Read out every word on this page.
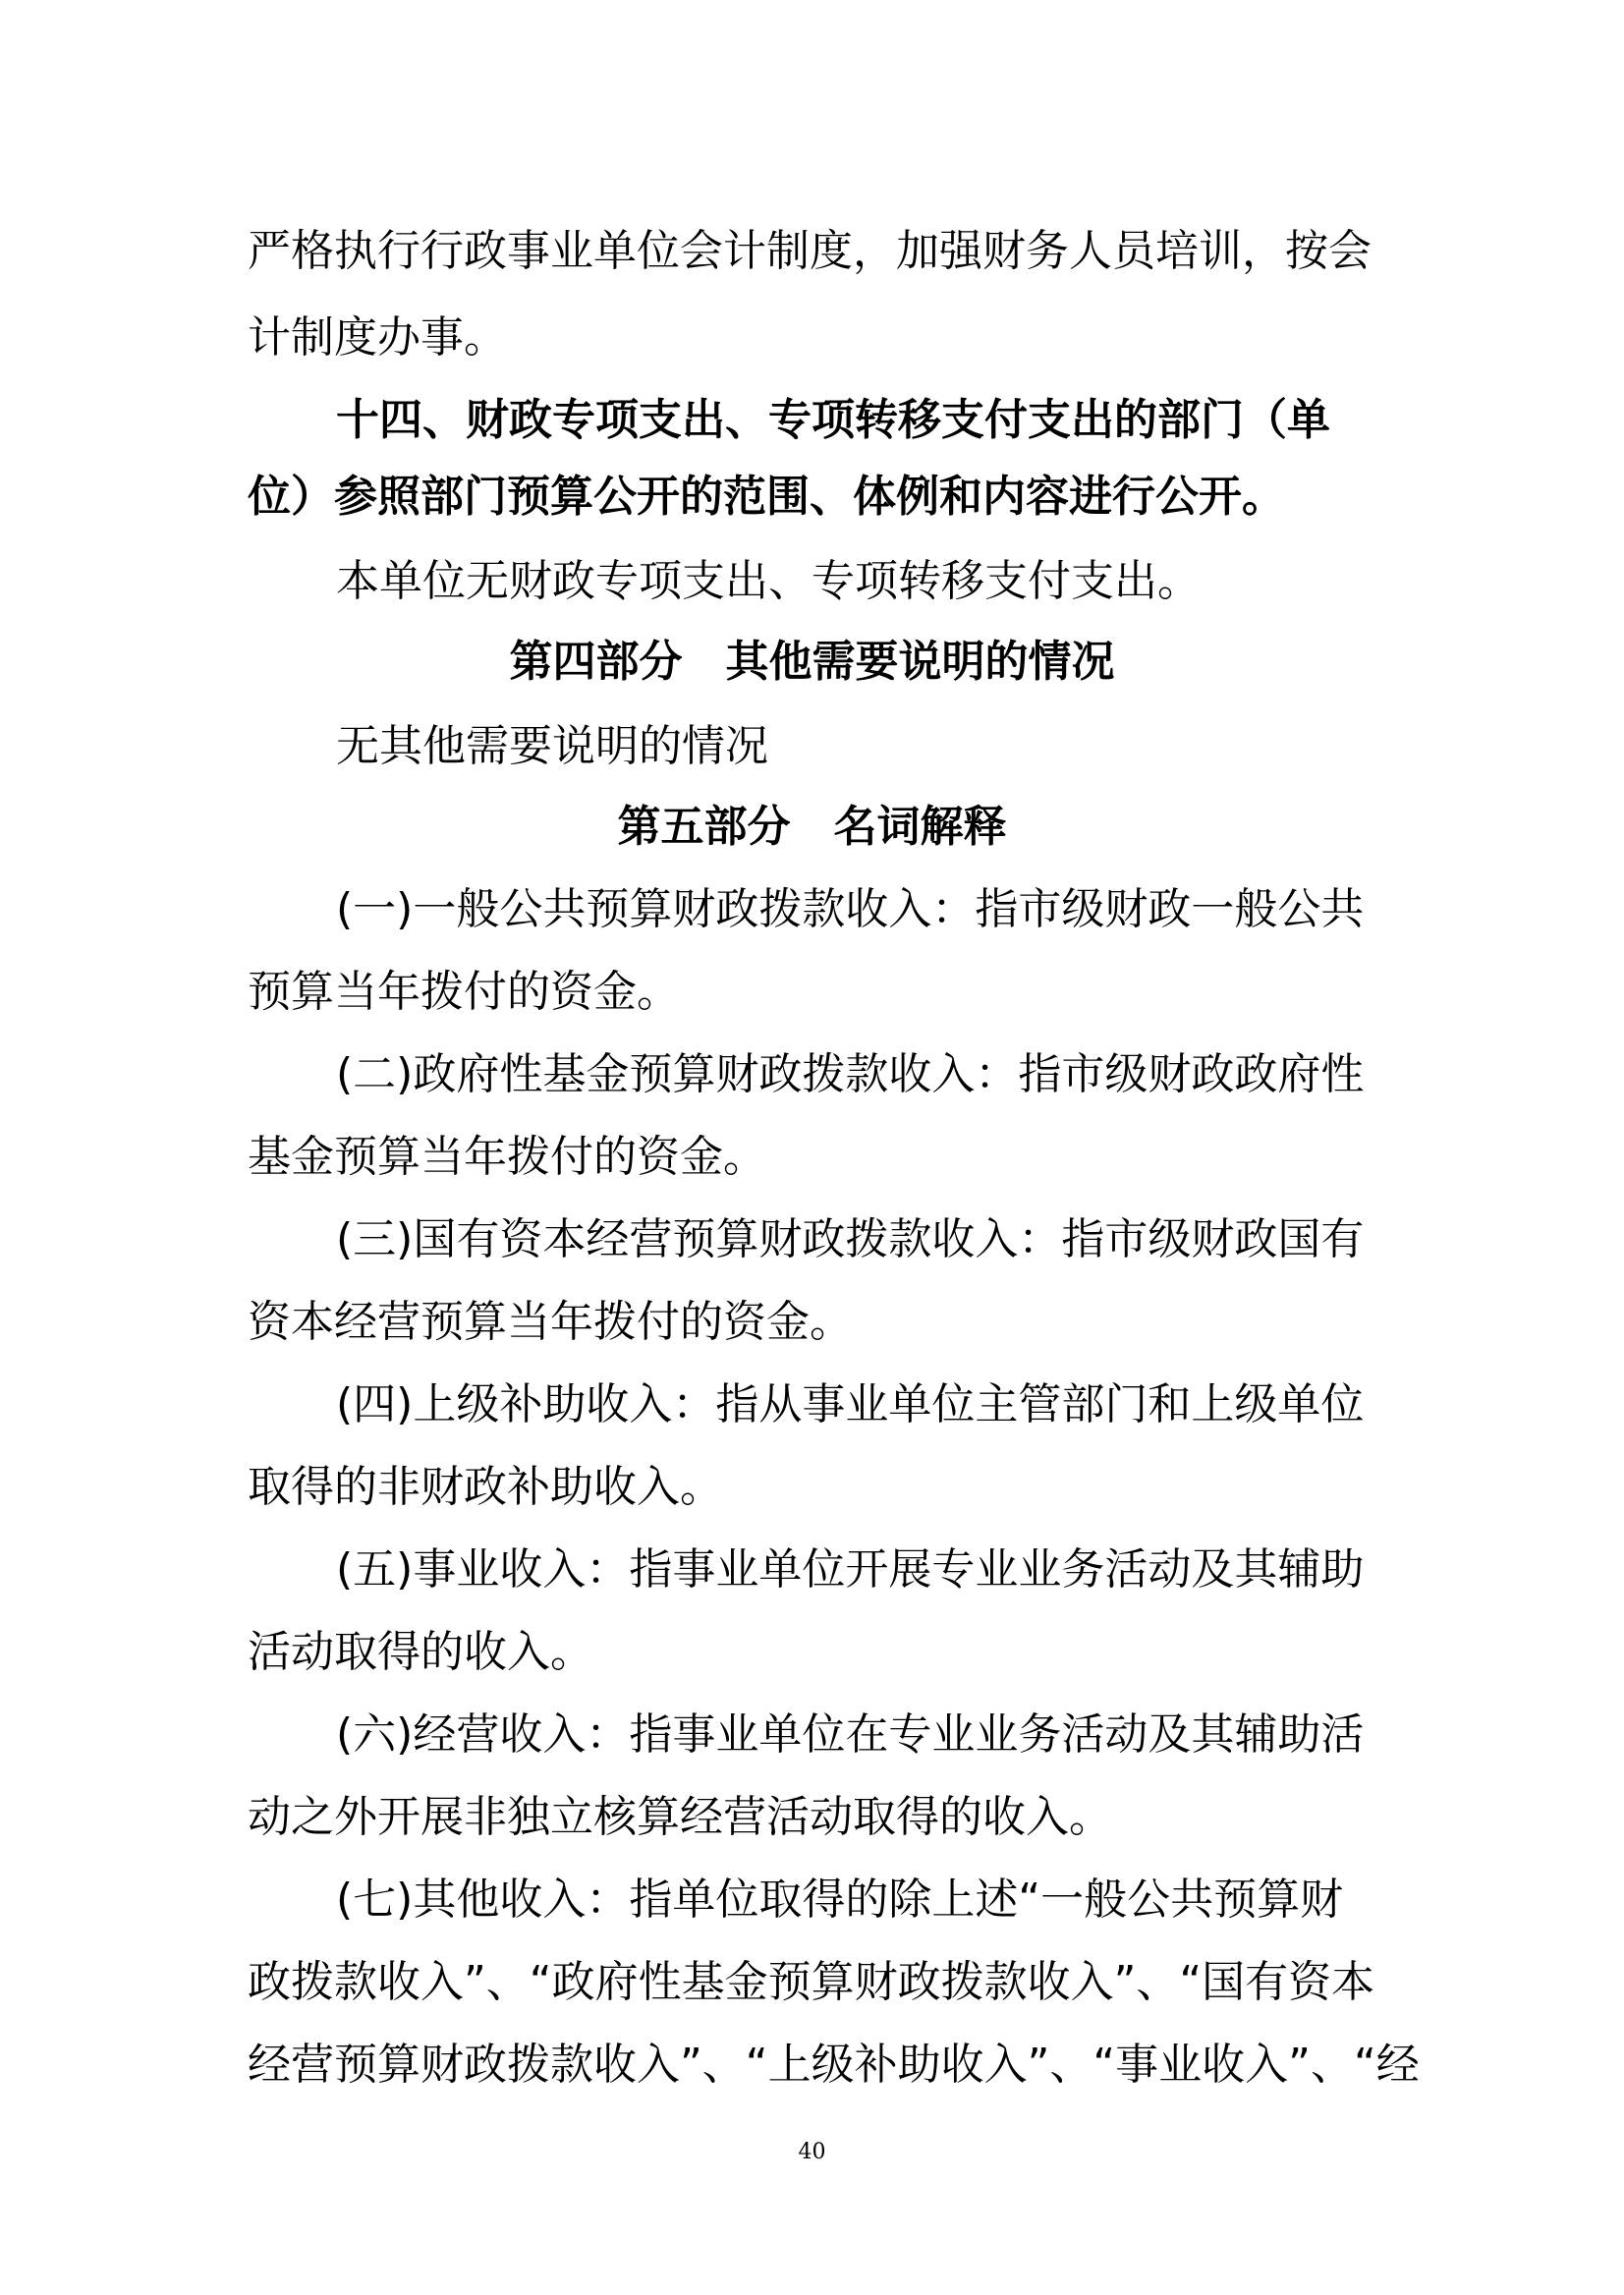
严格执行行政事业单位会计制度，加强财务人员培训，按会
计制度办事。
十四、财政专项支出、专项转移支付支出的部门（单
位）参照部门预算公开的范围、体例和内容进行公开。
本单位无财政专项支出、专项转移支付支出。
第四部分　其他需要说明的情况
无其他需要说明的情况
第五部分　名词解释
(一)一般公共预算财政拨款收入：指市级财政一般公共
预算当年拨付的资金。
(二)政府性基金预算财政拨款收入：指市级财政政府性
基金预算当年拨付的资金。
(三)国有资本经营预算财政拨款收入：指市级财政国有
资本经营预算当年拨付的资金。
(四)上级补助收入：指从事业单位主管部门和上级单位
取得的非财政补助收入。
(五)事业收入：指事业单位开展专业业务活动及其辅助
活动取得的收入。
(六)经营收入：指事业单位在专业业务活动及其辅助活
动之外开展非独立核算经营活动取得的收入。
(七)其他收入：指单位取得的除上述“一般公共预算财
政拨款收入”、“政府性基金预算财政拨款收入”、“国有资本
经营预算财政拨款收入”、“上级补助收入”、“事业收入”、“经
40
